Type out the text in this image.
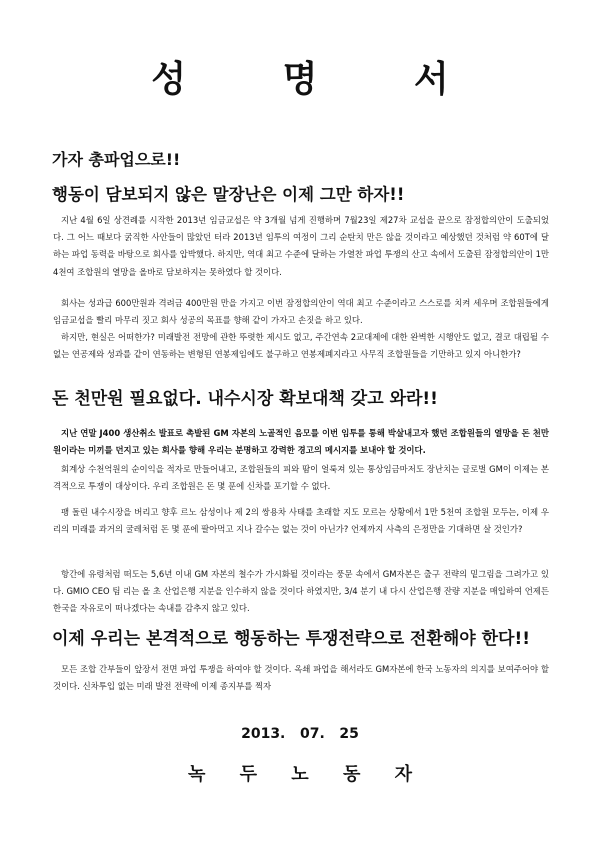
성 명 서
가자 총파업으로!!
행동이 담보되지 않은 말장난은 이제 그만 하자!!

지난 4월 6일 상견례를 시작한 2013년 임금교섭은 약 3개월 넘게 진행하며 7월23일 제27차 교섭을 끝으로 잠정합의안이 도출되었다. 그 어느 때보다 굵직한 사안들이 많았던 터라 2013년 임투의 여정이 그리 순탄치 만은 않을 것이라고 예상했던 것처럼 약 60T에 달하는 파업 동력을 바탕으로 회사를 압박했다. 하지만, 역대 최고 수준에 달하는 가열찬 파업 투쟁의 산고 속에서 도출된 잠정합의안이 1만4천여 조합원의 열망을 올바로 담보하지는 못하였다 할 것이다.

회사는 성과급 600만원과 격려금 400만원 만을 가지고 이번 잠정합의안이 역대 최고 수준이라고 스스로를 치켜 세우며 조합원들에게 임금교섭을 빨리 마무리 짓고 회사 성공의 목표를 향해 같이 가자고 손짓을 하고 있다.

하지만, 현실은 어떠한가? 미래발전 전망에 관한 뚜렷한 제시도 없고, 주간연속 2교대제에 대한 완벽한 시행안도 없고, 결코 대립될 수 없는 연공제와 성과를 같이 연동하는 변형된 연봉제임에도 불구하고 연봉제폐지라고 사무직 조합원들을 기만하고 있지 아니한가?

돈 천만원 필요없다. 내수시장 확보대책 갖고 와라!!

지난 연말 J400 생산취소 발표로 촉발된 GM 자본의 노골적인 음모를 이번 임투를 통해 박살내고자 했던 조합원들의 열망을 돈 천만원이라는 미끼를 던지고 있는 회사를 향해 우리는 분명하고 강력한 경고의 메시지를 보내야 할 것이다.

회계상 수천억원의 순이익을 적자로 만들어내고, 조합원들의 피와 땀이 얼룩져 있는 통상임금마저도 장난치는 글로벌 GM이 이제는 본격적으로 투쟁이 대상이다. 우리 조합원은 돈 몇 푼에 신차를 포기할 수 없다.

팽 돌린 내수시장을 버리고 향후 르노 삼성이나 제 2의 쌍용차 사태를 초래할 지도 모르는 상황에서 1만 5천여 조합원 모두는, 이제 우리의 미래를 과거의 굴레처럼 돈 몇 푼에 팔아먹고 지나 갈수는 없는 것이 아닌가? 언제까지 사측의 은정만을 기대하면 살 것인가?

항간에 유령처럼 떠도는 5,6년 이내 GM 자본의 철수가 가시화될 것이라는 풍문 속에서 GM자본은 출구 전략의 밑그림을 그려가고 있다. GMIO CEO 팀 리는 올 초 산업은행 지분을 인수하지 않을 것이다 하였지만, 3/4 분기 내 다시 산업은행 잔량 지분을 매입하여 언제든 한국을 자유로이 떠나겠다는 속내를 감추지 않고 있다.

이제 우리는 본격적으로 행동하는 투쟁전략으로 전환해야 한다!!

모든 조합 간부들이 앞장서 전면 파업 투쟁을 하여야 할 것이다. 옥쇄 파업을 해서라도 GM자본에 한국 노동자의 의지를 보여주어야 할 것이다. 신차투입 없는 미래 발전 전략에 이제 종지부를 찍자

2013.   07.   25
녹 두 노 동 자
